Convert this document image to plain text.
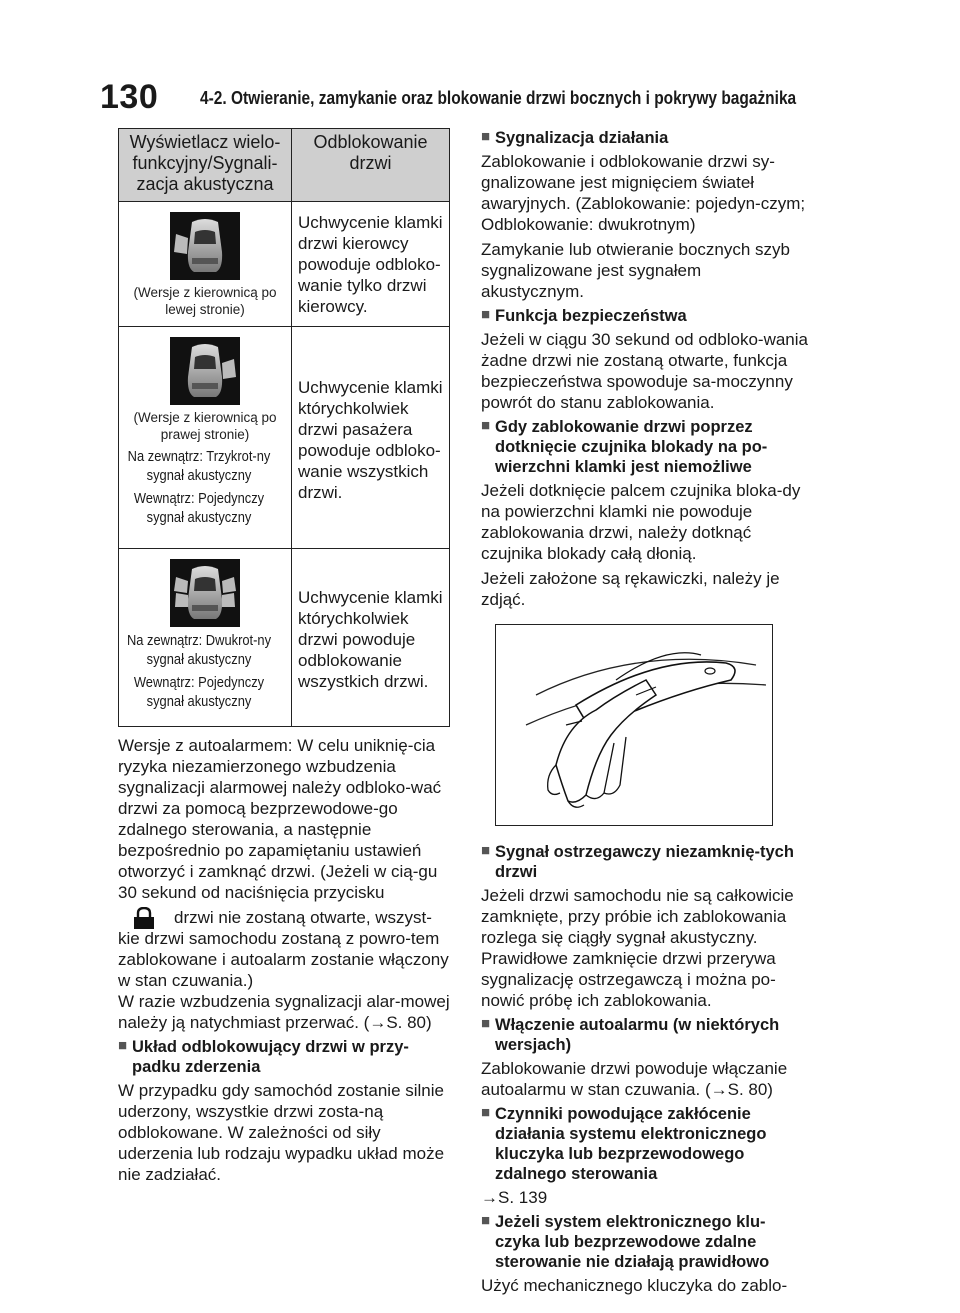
130 4-2. Otwieranie, zamykanie oraz blokowanie drzwi bocznych i pokrywy bagażnika
Wyświetlacz wielo-funkcyjny/Sygnali-zacja akustyczna	Odblokowanie drzwi

(Wersje z kierownicą po lewej stronie)	Uchwycenie klamki drzwi kierowcy powoduje odbloko-wanie tylko drzwi kierowcy.

(Wersje z kierownicą po prawej stronie)
Na zewnątrz: Trzykrot-ny sygnał akustyczny
Wewnątrz: Pojedynczy sygnał akustyczny	Uchwycenie klamki którychkolwiek drzwi pasażera powoduje odbloko-wanie wszystkich drzwi.

Na zewnątrz: Dwukrot-ny sygnał akustyczny
Wewnątrz: Pojedynczy sygnał akustyczny	Uchwycenie klamki którychkolwiek drzwi powoduje odblokowanie wszystkich drzwi.

Wersje z autoalarmem: W celu uniknię-cia ryzyka niezamierzonego wzbudzenia sygnalizacji alarmowej należy odbloko-wać drzwi za pomocą bezprzewodowe-go zdalnego sterowania, a następnie bezpośrednio po zapamiętaniu ustawień otworzyć i zamknąć drzwi. (Jeżeli w cią-gu 30 sekund od naciśnięcia przycisku

drzwi nie zostaną otwarte, wszyst-

kie drzwi samochodu zostaną z powro-tem zablokowane i autoalarm zostanie włączony w stan czuwania.)

W razie wzbudzenia sygnalizacji alar-mowej należy ją natychmiast przerwać. (→S. 80)

■ Układ odblokowujący drzwi w przy-padku zderzenia

W przypadku gdy samochód zostanie silnie uderzony, wszystkie drzwi zosta-ną odblokowane. W zależności od siły uderzenia lub rodzaju wypadku układ może nie zadziałać.

■ Sygnalizacja działania

Zablokowanie i odblokowanie drzwi sy-gnalizowane jest mignięciem świateł awaryjnych. (Zablokowanie: pojedyn-czym; Odblokowanie: dwukrotnym)

Zamykanie lub otwieranie bocznych szyb sygnalizowane jest sygnałem akustycznym.

■ Funkcja bezpieczeństwa

Jeżeli w ciągu 30 sekund od odbloko-wania żadne drzwi nie zostaną otwarte, funkcja bezpieczeństwa spowoduje sa-moczynny powrót do stanu zablokowania.

■ Gdy zablokowanie drzwi poprzez dotknięcie czujnika blokady na po-wierzchni klamki jest niemożliwe

Jeżeli dotknięcie palcem czujnika bloka-dy na powierzchni klamki nie powoduje zablokowania drzwi, należy dotknąć czujnika blokady całą dłonią.

Jeżeli założone są rękawiczki, należy je zdjąć.

■ Sygnał ostrzegawczy niezamknię-tych drzwi

Jeżeli drzwi samochodu nie są całkowicie zamknięte, przy próbie ich zablokowania rozlega się ciągły sygnał akustyczny. Prawidłowe zamknięcie drzwi przerywa sygnalizację ostrzegawczą i można po-nowić próbę ich zablokowania.

■ Włączenie autoalarmu (w niektórych wersjach)

Zablokowanie drzwi powoduje włączanie autoalarmu w stan czuwania. (→S. 80)

■ Czynniki powodujące zakłócenie działania systemu elektronicznego kluczyka lub bezprzewodowego zdalnego sterowania

→S. 139

■ Jeżeli system elektronicznego klu-czyka lub bezprzewodowe zdalne sterowanie nie działają prawidłowo

Użyć mechanicznego kluczyka do zablo-
